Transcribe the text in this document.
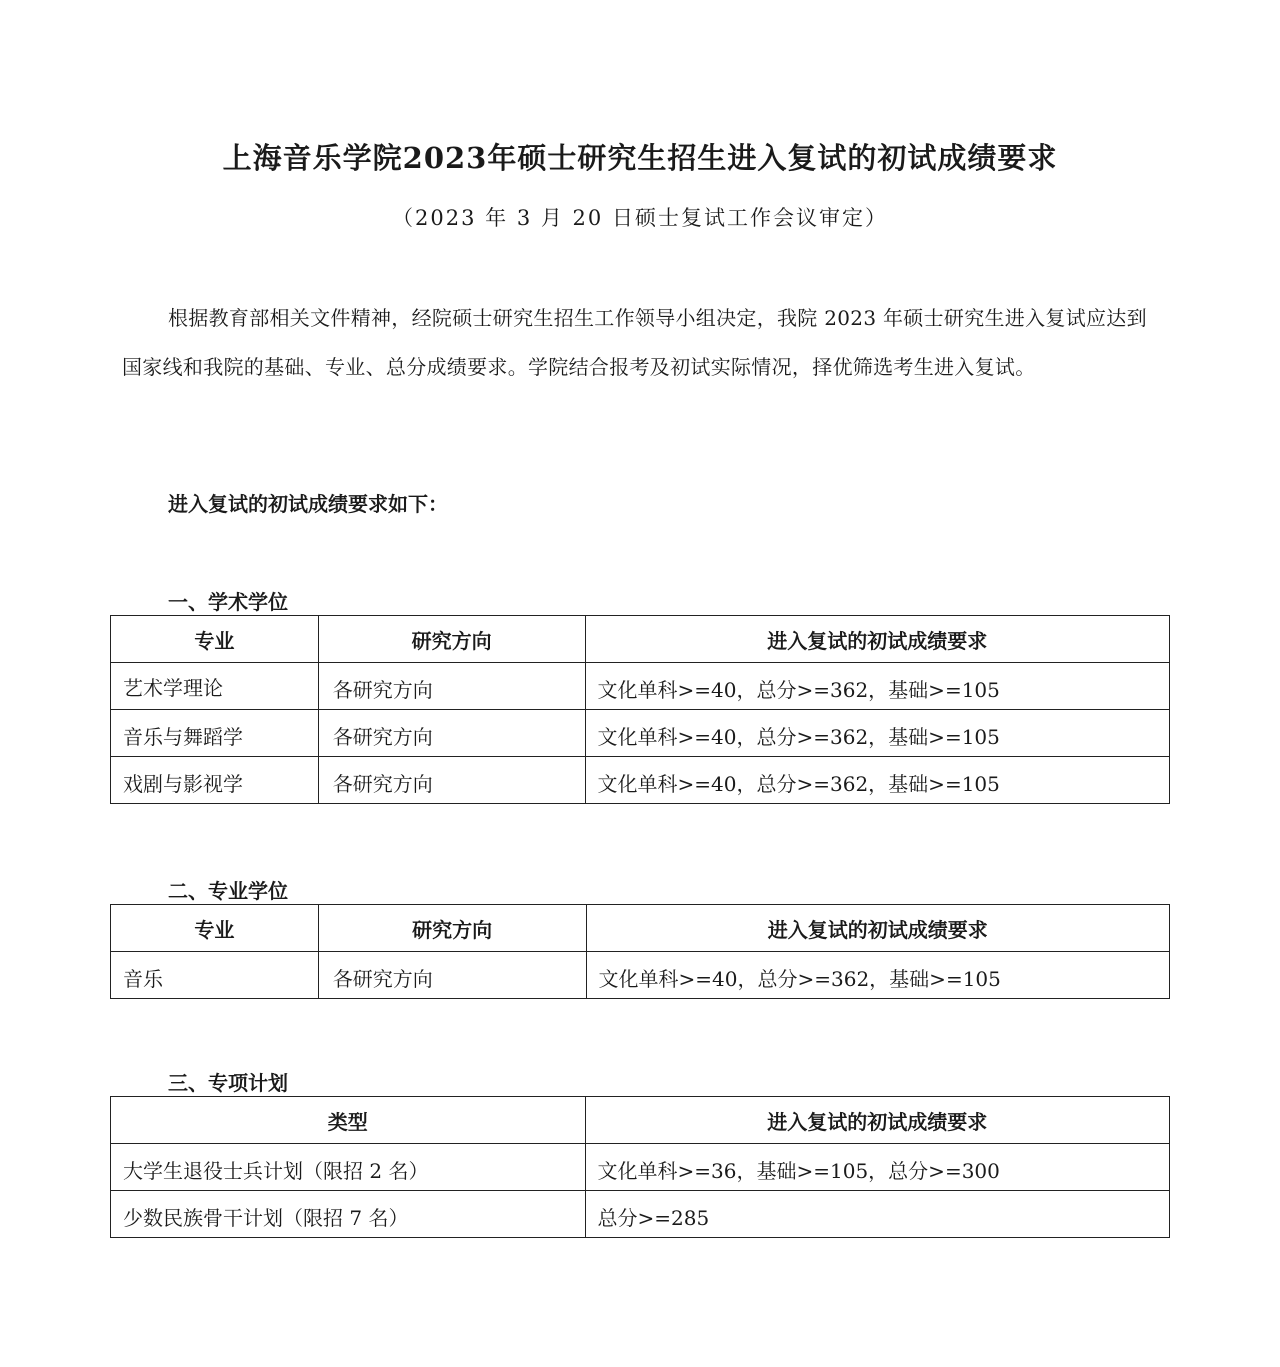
上海音乐学院2023年硕士研究生招生进入复试的初试成绩要求

（2023 年 3 月 20 日硕士复试工作会议审定）

根据教育部相关文件精神，经院硕士研究生招生工作领导小组决定，我院 2023 年硕士研究生进入复试应达到国家线和我院的基础、专业、总分成绩要求。学院结合报考及初试实际情况，择优筛选考生进入复试。

进入复试的初试成绩要求如下：

一、学术学位

专业	研究方向	进入复试的初试成绩要求
艺术学理论	各研究方向	文化单科>=40，总分>=362，基础>=105
音乐与舞蹈学	各研究方向	文化单科>=40，总分>=362，基础>=105
戏剧与影视学	各研究方向	文化单科>=40，总分>=362，基础>=105

二、专业学位

专业	研究方向	进入复试的初试成绩要求
音乐	各研究方向	文化单科>=40，总分>=362，基础>=105

三、专项计划

类型	进入复试的初试成绩要求
大学生退役士兵计划（限招 2 名）	文化单科>=36，基础>=105，总分>=300
少数民族骨干计划（限招 7 名）	总分>=285
